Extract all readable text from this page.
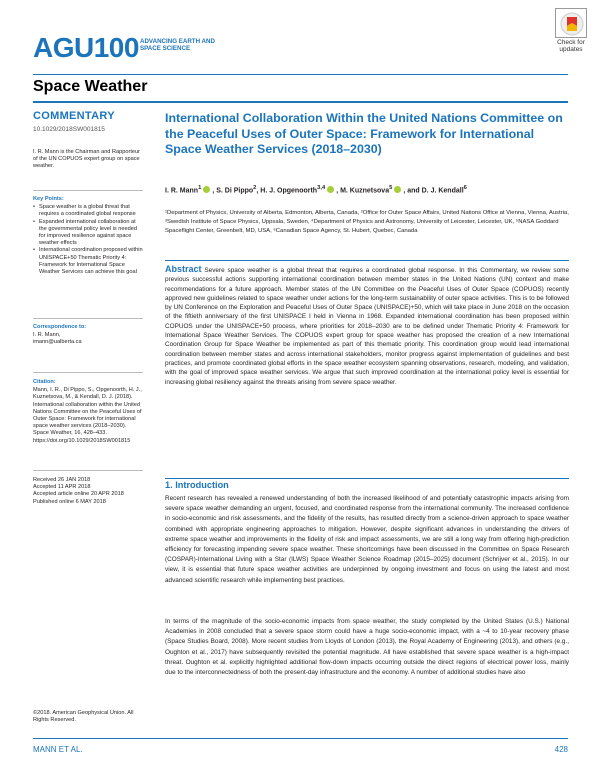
AGU100 ADVANCING EARTH AND SPACE SCIENCE
Check for updates
Space Weather
COMMENTARY
10.1029/2018SW001815
I. R. Mann is the Chairman and Rapporteur of the UN COPUOS expert group on space weather.
Key Points:
• Space weather is a global threat that requires a coordinated global response
• Expanded international collaboration at the governmental policy level is needed for improved resilience against space weather effects
• International coordination proposed within UNISPACE+50 Thematic Priority 4: Framework for International Space Weather Services can achieve this goal
Correspondence to:
I. R. Mann,
imann@ualberta.ca
Citation:
Mann, I. R., Di Pippo, S., Opgenoorth, H. J., Kuznetsova, M., & Kendall, D. J. (2018). International collaboration within the United Nations Committee on the Peaceful Uses of Outer Space: Framework for international space weather services (2018–2030). Space Weather, 16, 428–433. https://doi.org/10.1029/2018SW001815
Received 26 JAN 2018
Accepted 11 APR 2018
Accepted article online 20 APR 2018
Published online 6 MAY 2018
©2018. American Geophysical Union. All Rights Reserved.
International Collaboration Within the United Nations Committee on the Peaceful Uses of Outer Space: Framework for International Space Weather Services (2018–2030)
I. R. Mann$^1$ , S. Di Pippo$^2$, H. J. Opgenoorth$^{3,4}$ , M. Kuznetsova$^5$ , and D. J. Kendall$^6$
¹Department of Physics, University of Alberta, Edmonton, Alberta, Canada, ²Office for Outer Space Affairs, United Nations Office at Vienna, Vienna, Austria, ³Swedish Institute of Space Physics, Uppsala, Sweden, ⁴Department of Physics and Astronomy, University of Leicester, Leicester, UK, ⁵NASA Goddard Spaceflight Center, Greenbelt, MD, USA, ⁶Canadian Space Agency, St. Hubert, Quebec, Canada
Abstract Severe space weather is a global threat that requires a coordinated global response. In this Commentary, we review some previous successful actions supporting international coordination between member states in the United Nations (UN) context and make recommendations for a future approach. Member states of the UN Committee on the Peaceful Uses of Outer Space (COPUOS) recently approved new guidelines related to space weather under actions for the long-term sustainability of outer space activities. This is to be followed by UN Conference on the Exploration and Peaceful Uses of Outer Space (UNISPACE)+50, which will take place in June 2018 on the occasion of the fiftieth anniversary of the first UNISPACE I held in Vienna in 1968. Expanded international coordination has been proposed within COPUOS under the UNISPACE+50 process, where priorities for 2018–2030 are to be defined under Thematic Priority 4: Framework for International Space Weather Services. The COPUOS expert group for space weather has proposed the creation of a new International Coordination Group for Space Weather be implemented as part of this thematic priority. This coordination group would lead international coordination between member states and across international stakeholders, monitor progress against implementation of guidelines and best practices, and promote coordinated global efforts in the space weather ecosystem spanning observations, research, modeling, and validation, with the goal of improved space weather services. We argue that such improved coordination at the international policy level is essential for increasing global resiliency against the threats arising from severe space weather.
1. Introduction
Recent research has revealed a renewed understanding of both the increased likelihood of and potentially catastrophic impacts arising from severe space weather demanding an urgent, focused, and coordinated response from the international community. The increased confidence in socio-economic and risk assessments, and the fidelity of the results, has resulted directly from a science-driven approach to space weather combined with appropriate engineering approaches to mitigation. However, despite significant advances in understanding the drivers of extreme space weather and improvements in the fidelity of risk and impact assessments, we are still a long way from offering high-prediction efficiency for forecasting impending severe space weather. These shortcomings have been discussed in the Committee on Space Research (COSPAR)-International Living with a Star (ILWS) Space Weather Science Roadmap (2015–2025) document (Schrijver et al., 2015). In our view, it is essential that future space weather activities are underpinned by ongoing investment and focus on using the latest and most advanced scientific research while implementing best practices.
In terms of the magnitude of the socio-economic impacts from space weather, the study completed by the United States (U.S.) National Academies in 2008 concluded that a severe space storm could have a huge socio-economic impact, with a ~4 to 10-year recovery phase (Space Studies Board, 2008). More recent studies from Lloyds of London (2013), the Royal Academy of Engineering (2013), and others (e.g., Oughton et al., 2017) have subsequently revisited the potential magnitude. All have established that severe space weather is a high-impact threat. Oughton et al. explicitly highlighted additional flow-down impacts occurring outside the direct regions of electrical power loss, mainly due to the interconnectedness of both the present-day infrastructure and the economy. A number of additional studies have also
MANN ET AL.	428
